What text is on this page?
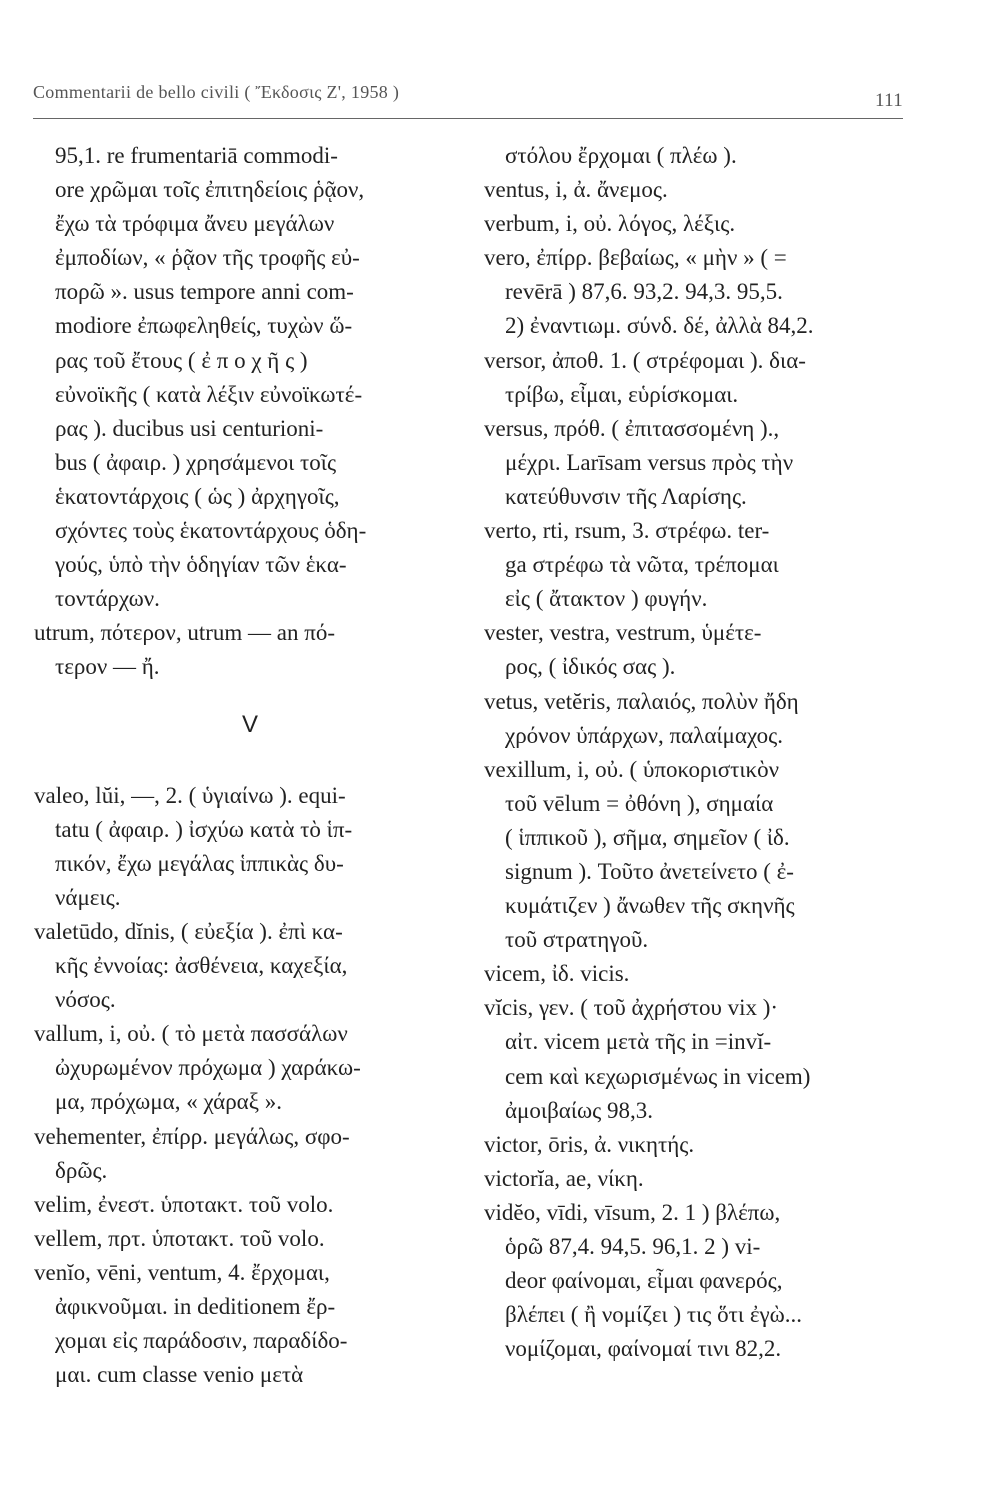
Commentarii de bello civili ( Ἔκδοσις Ζ', 1958 )	111
95,1. re frumentariā commodi-
ore χρῶμαι τοῖς ἐπιτηδείοις ῥᾷον,
ἔχω τὰ τρόφιμα ἄνευ μεγάλων
ἐμποδίων, « ῥᾷον τῆς τροφῆς εὐ-
πορῶ ». usus tempore anni com-
modiore ἐπωφεληθείς, τυχὼν ὥ-
ρας τοῦ ἔτους ( ἐ π ο χ ῆ ς )
εὐνοϊκῆς ( κατὰ λέξιν εὐνοϊκωτέ-
ρας ). ducibus usi centurioni-
bus ( ἀφαιρ. ) χρησάμενοι τοῖς
ἑκατοντάρχοις ( ὡς ) ἀρχηγοῖς,
σχόντες τοὺς ἑκατοντάρχους ὁδη-
γούς, ὑπὸ τὴν ὁδηγίαν τῶν ἑκα-
τοντάρχων.
utrum, πότερον, utrum — an πό-
τερον — ἤ.
V
valeo, lŭi, —, 2. ( ὑγιαίνω ). equi-
tatu ( ἀφαιρ. ) ἰσχύω κατὰ τὸ ἱπ-
πικόν, ἔχω μεγάλας ἱππικὰς δυ-
νάμεις.
valetūdo, dĭnis, ( εὐεξία ). ἐπὶ κα-
κῆς ἐννοίας: ἀσθένεια, καχεξία,
νόσος.
vallum, i, οὐ. ( τὸ μετὰ πασσάλων
ὠχυρωμένον πρόχωμα ) χαράκω-
μα, πρόχωμα, « χάραξ ».
vehementer, ἐπίρρ. μεγάλως, σφο-
δρῶς.
velim, ἐνεστ. ὑποτακτ. τοῦ volo.
vellem, πρτ. ὑποτακτ. τοῦ volo.
venĭo, vēni, ventum, 4. ἔρχομαι,
ἀφικνοῦμαι. in deditionem ἔρ-
χομαι εἰς παράδοσιν, παραδίδο-
μαι. cum classe venio μετὰ
στόλου ἔρχομαι ( πλέω ).
ventus, i, ἀ. ἄνεμος.
verbum, i, οὐ. λόγος, λέξις.
vero, ἐπίρρ. βεβαίως, « μὴν » ( =
revērā ) 87,6. 93,2. 94,3. 95,5.
2) ἐναντιωμ. σύνδ. δέ, ἀλλὰ 84,2.
versor, ἀποθ. 1. ( στρέφομαι ). δια-
τρίβω, εἶμαι, εὑρίσκομαι.
versus, πρόθ. ( ἐπιτασσομένη ).,
μέχρι. Larīsam versus πρὸς τὴν
κατεύθυνσιν τῆς Λαρίσης.
verto, rti, rsum, 3. στρέφω. ter-
ga στρέφω τὰ νῶτα, τρέπομαι
εἰς ( ἄτακτον ) φυγήν.
vester, vestra, vestrum, ὑμέτε-
ρος, ( ἰδικός σας ).
vetus, vetĕris, παλαιός, πολὺν ἤδη
χρόνον ὑπάρχων, παλαίμαχος.
vexillum, i, οὐ. ( ὑποκοριστικὸν
τοῦ vēlum = ὀθόνη ), σημαία
( ἱππικοῦ ), σῆμα, σημεῖον ( ἰδ.
signum ). Τοῦτο ἀνετείνετο ( ἐ-
κυμάτιζεν ) ἄνωθεν τῆς σκηνῆς
τοῦ στρατηγοῦ.
vicem, ἰδ. vicis.
vĭcis, γεν. ( τοῦ ἀχρήστου vix )·
αἰτ. vicem μετὰ τῆς in =invĭ-
cem καὶ κεχωρισμένως in vicem)
ἀμοιβαίως 98,3.
victor, ōris, ἀ. νικητής.
victorĭa, ae, νίκη.
vidĕo, vīdi, vīsum, 2. 1 ) βλέπω,
ὁρῶ 87,4. 94,5. 96,1. 2 ) vi-
deor φαίνομαι, εἶμαι φανερός,
βλέπει ( ἢ νομίζει ) τις ὅτι ἐγὼ...
νομίζομαι, φαίνομαί τινι 82,2.
